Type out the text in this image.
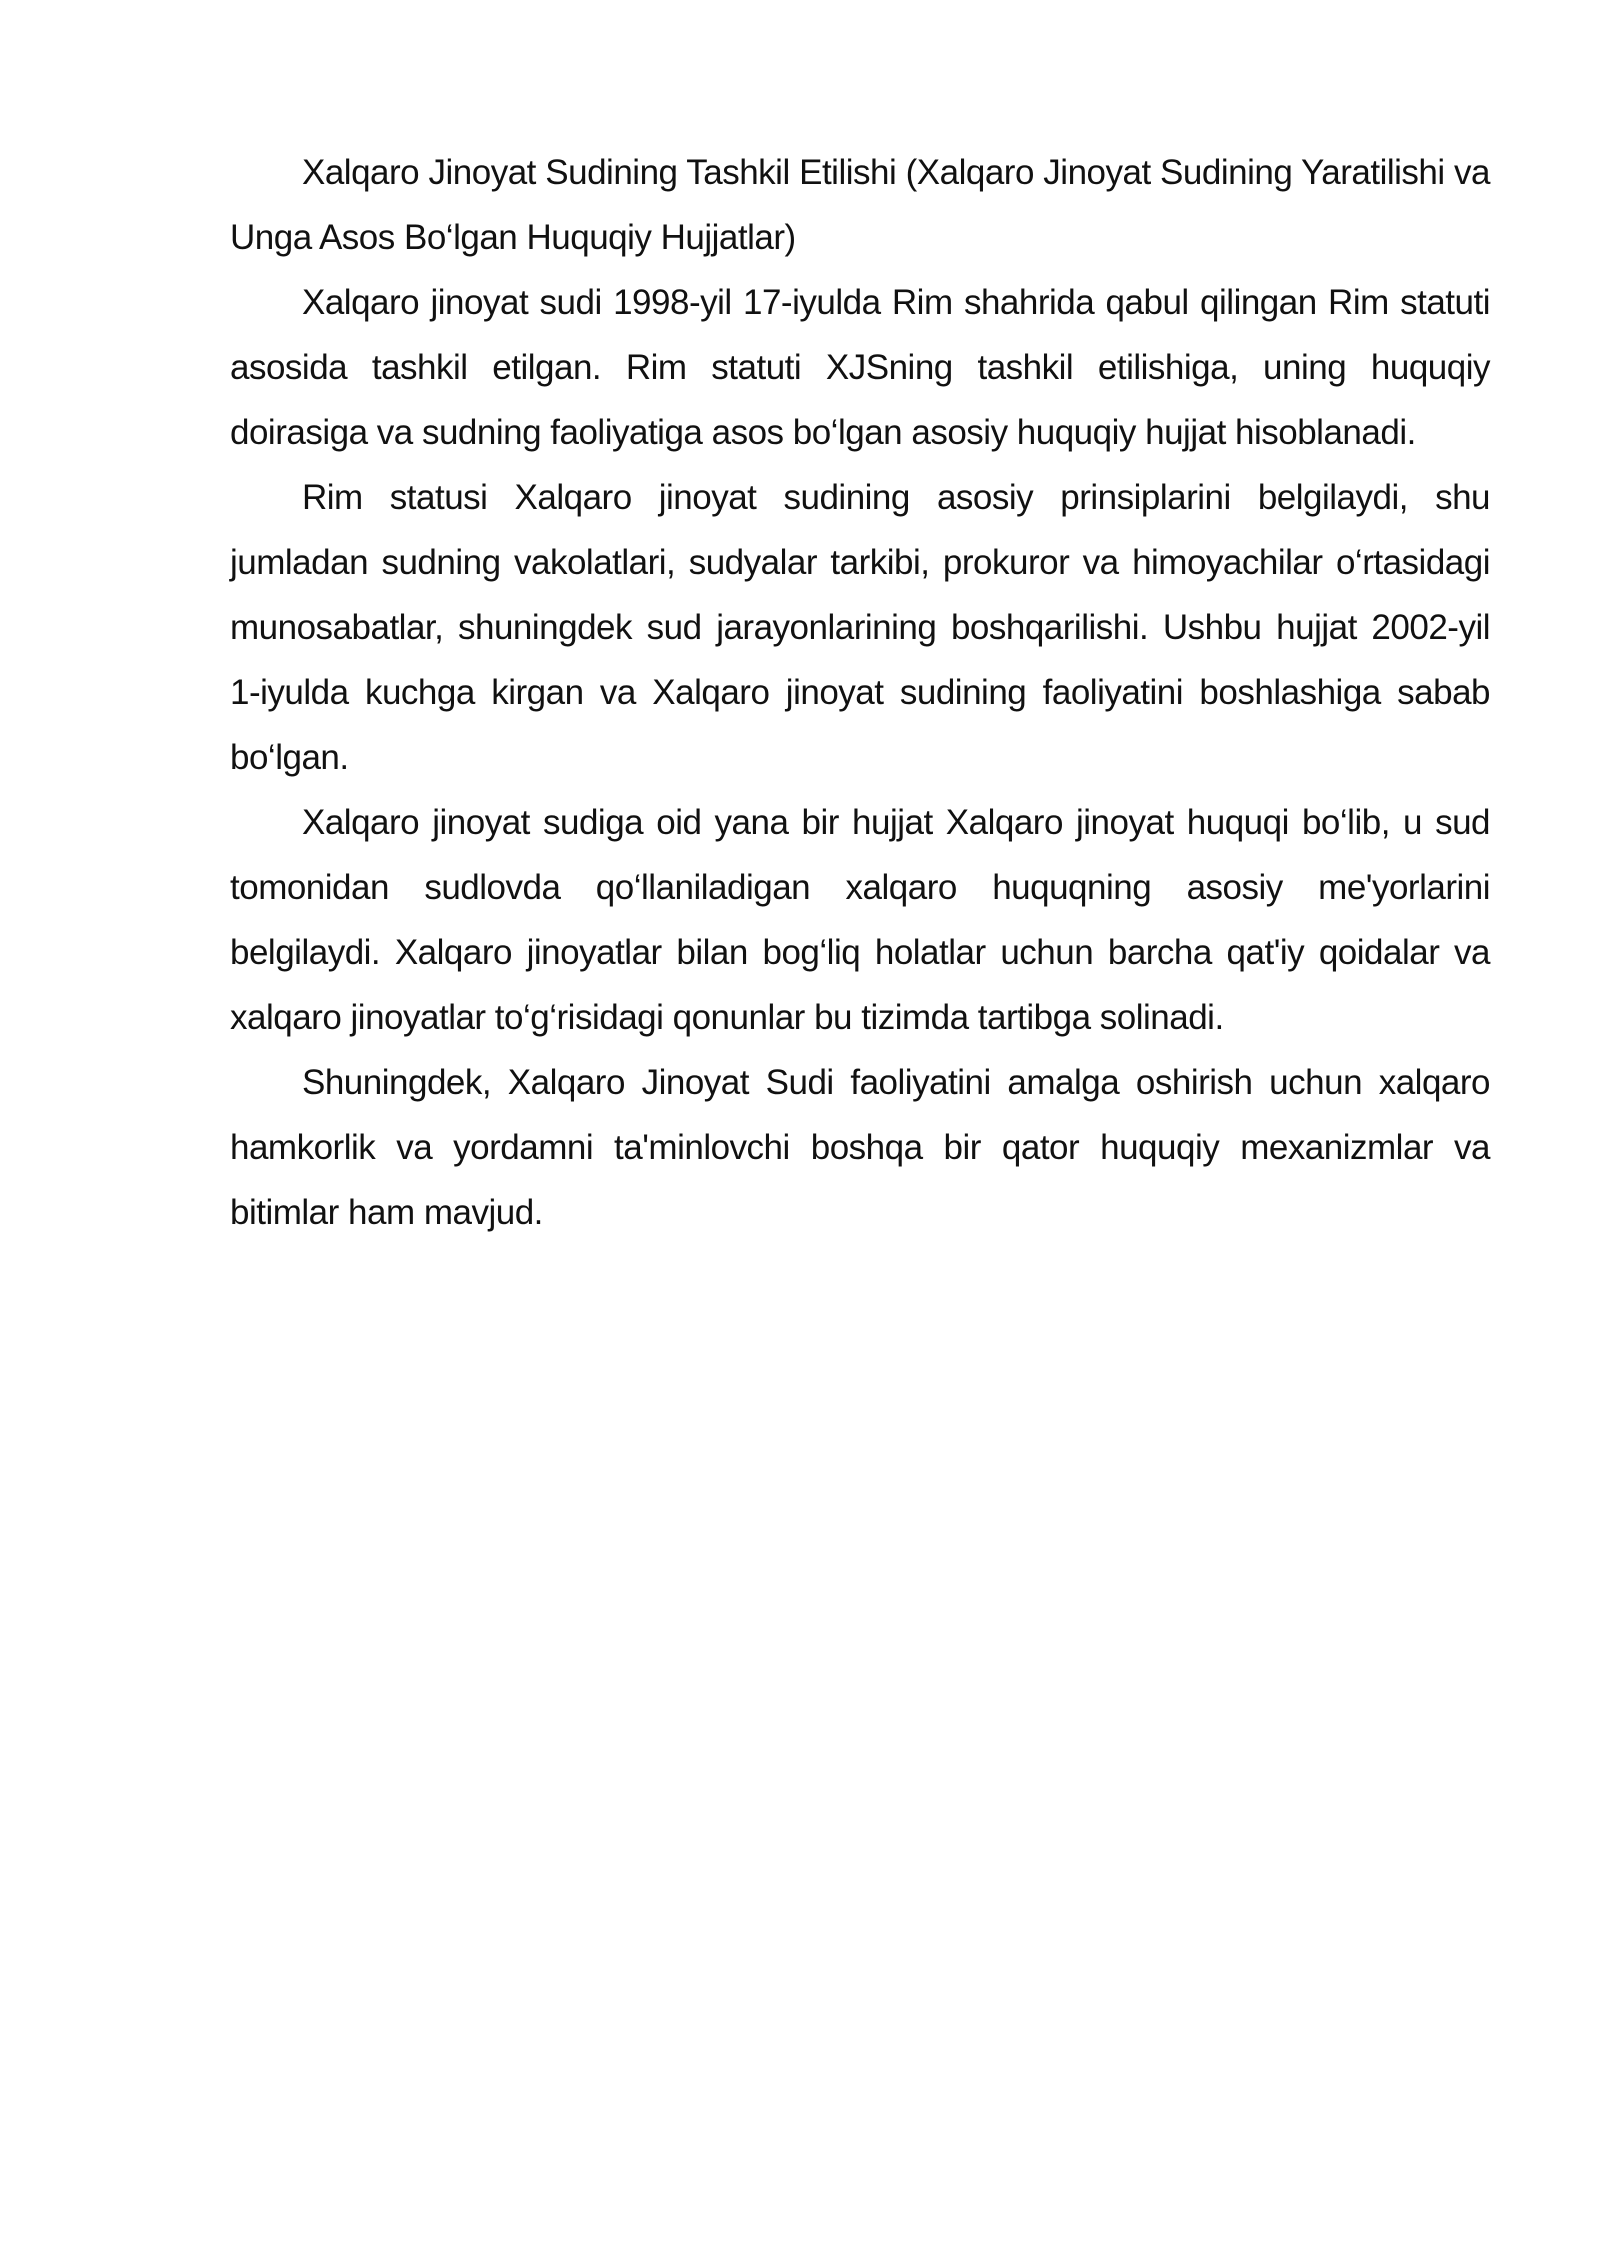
Xalqaro Jinoyat Sudining Tashkil Etilishi (Xalqaro Jinoyat Sudining Yaratilishi va Unga Asos Bo‘lgan Huquqiy Hujjatlar)

Xalqaro jinoyat sudi 1998-yil 17-iyulda Rim shahrida qabul qilingan Rim statuti asosida tashkil etilgan. Rim statuti XJSning tashkil etilishiga, uning huquqiy doirasiga va sudning faoliyatiga asos bo‘lgan asosiy huquqiy hujjat hisoblanadi.

Rim statusi Xalqaro jinoyat sudining asosiy prinsiplarini belgilaydi, shu jumladan sudning vakolatlari, sudyalar tarkibi, prokuror va himoyachilar o‘rtasidagi munosabatlar, shuningdek sud jarayonlarining boshqarilishi. Ushbu hujjat 2002-yil 1-iyulda kuchga kirgan va Xalqaro jinoyat sudining faoliyatini boshlashiga sabab bo‘lgan.

Xalqaro jinoyat sudiga oid yana bir hujjat Xalqaro jinoyat huquqi bo‘lib, u sud tomonidan sudlovda qo‘llaniladigan xalqaro huquqning asosiy me'yorlarini belgilaydi. Xalqaro jinoyatlar bilan bog‘liq holatlar uchun barcha qat'iy qoidalar va xalqaro jinoyatlar to‘g‘risidagi qonunlar bu tizimda tartibga solinadi.

Shuningdek, Xalqaro Jinoyat Sudi faoliyatini amalga oshirish uchun xalqaro hamkorlik va yordamni ta'minlovchi boshqa bir qator huquqiy mexanizmlar va bitimlar ham mavjud.
